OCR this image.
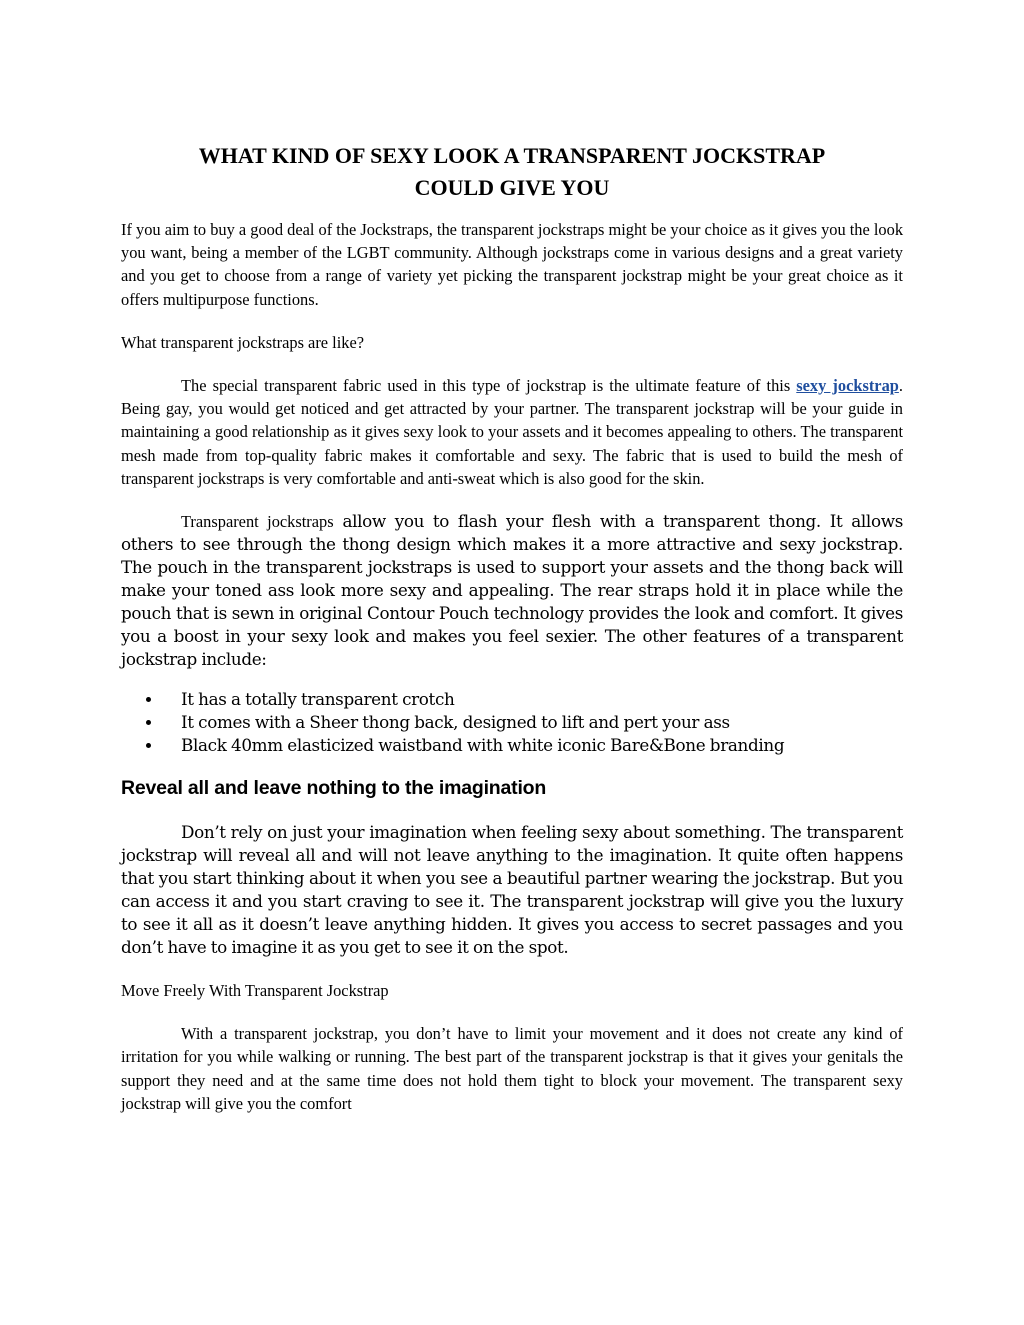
WHAT KIND OF SEXY LOOK A TRANSPARENT JOCKSTRAP
COULD GIVE YOU

If you aim to buy a good deal of the Jockstraps, the transparent jockstraps might be your choice as it gives you the look you want, being a member of the LGBT community. Although jockstraps come in various designs and a great variety and you get to choose from a range of variety yet picking the transparent jockstrap might be your great choice as it offers multipurpose functions.

What transparent jockstraps are like?

The special transparent fabric used in this type of jockstrap is the ultimate feature of this sexy jockstrap. Being gay, you would get noticed and get attracted by your partner. The transparent jockstrap will be your guide in maintaining a good relationship as it gives sexy look to your assets and it becomes appealing to others. The transparent mesh made from top-quality fabric makes it comfortable and sexy. The fabric that is used to build the mesh of transparent jockstraps is very comfortable and anti-sweat which is also good for the skin.

Transparent jockstraps allow you to flash your flesh with a transparent thong. It allows others to see through the thong design which makes it a more attractive and sexy jockstrap. The pouch in the transparent jockstraps is used to support your assets and the thong back will make your toned ass look more sexy and appealing. The rear straps hold it in place while the pouch that is sewn in original Contour Pouch technology provides the look and comfort. It gives you a boost in your sexy look and makes you feel sexier. The other features of a transparent jockstrap include:

It has a totally transparent crotch
It comes with a Sheer thong back, designed to lift and pert your ass
Black 40mm elasticized waistband with white iconic Bare&Bone branding
Reveal all and leave nothing to the imagination

Don’t rely on just your imagination when feeling sexy about something. The transparent jockstrap will reveal all and will not leave anything to the imagination. It quite often happens that you start thinking about it when you see a beautiful partner wearing the jockstrap. But you can access it and you start craving to see it. The transparent jockstrap will give you the luxury to see it all as it doesn’t leave anything hidden. It gives you access to secret passages and you don’t have to imagine it as you get to see it on the spot.

Move Freely With Transparent Jockstrap

With a transparent jockstrap, you don’t have to limit your movement and it does not create any kind of irritation for you while walking or running. The best part of the transparent jockstrap is that it gives your genitals the support they need and at the same time does not hold them tight to block your movement. The transparent sexy jockstrap will give you the comfort
